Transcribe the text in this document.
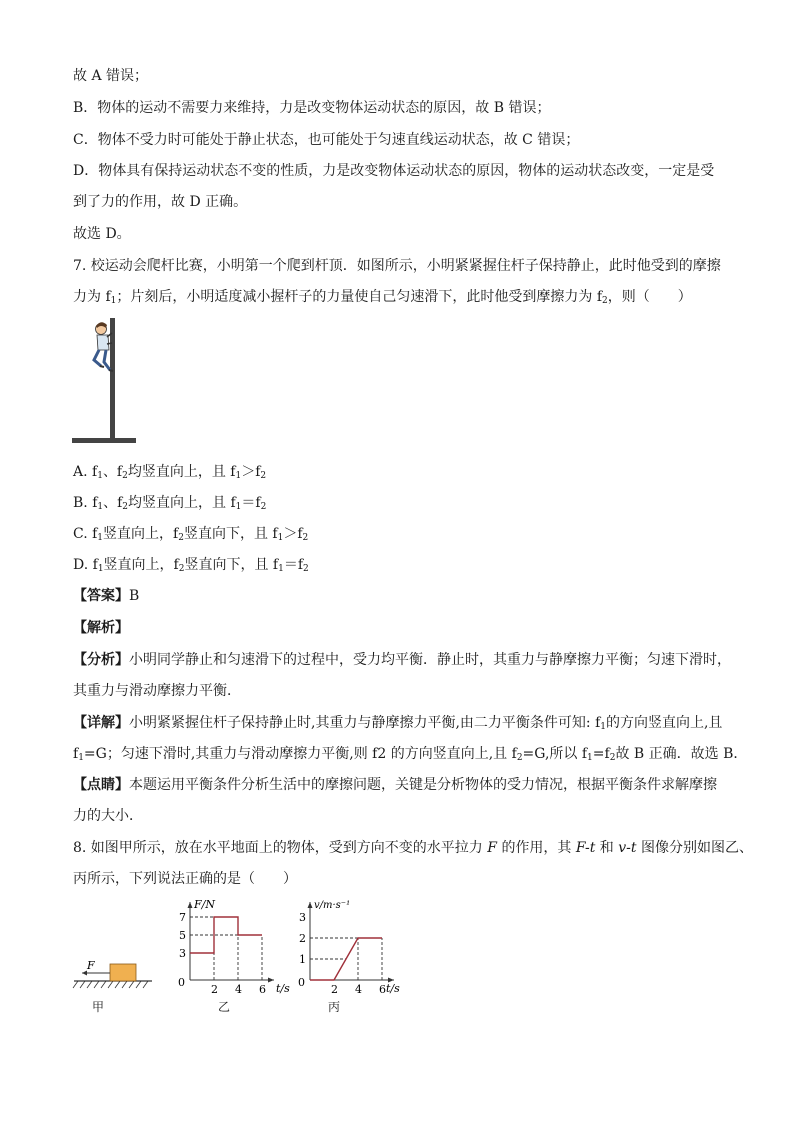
故 A 错误；
B．物体的运动不需要力来维持，力是改变物体运动状态的原因，故 B 错误；
C．物体不受力时可能处于静止状态，也可能处于匀速直线运动状态，故 C 错误；
D．物体具有保持运动状态不变的性质，力是改变物体运动状态的原因，物体的运动状态改变，一定是受
到了力的作用，故 D 正确。
故选 D。
7. 校运动会爬杆比赛，小明第一个爬到杆顶．如图所示，小明紧紧握住杆子保持静止，此时他受到的摩擦
力为 $f_1$；片刻后，小明适度减小握杆子的力量使自己匀速滑下，此时他受到摩擦力为 $f_2$，则（　　）
A. $f_1$、$f_2$均竖直向上，且 $f_1>f_2$
B. $f_1$、$f_2$均竖直向上，且 $f_1=f_2$
C. $f_1$竖直向上，$f_2$竖直向下，且 $f_1>f_2$
D. $f_1$竖直向上，$f_2$竖直向下，且 $f_1=f_2$
【答案】B
【解析】
【分析】小明同学静止和匀速滑下的过程中，受力均平衡．静止时，其重力与静摩擦力平衡；匀速下滑时，
其重力与滑动摩擦力平衡．
【详解】小明紧紧握住杆子保持静止时,其重力与静摩擦力平衡,由二力平衡条件可知: $f_1$的方向竖直向上,且
$f_1=G$；匀速下滑时,其重力与滑动摩擦力平衡,则 f2 的方向竖直向上,且 $f_2=G$,所以 $f_1=f_2$故 B 正确．故选 B．
【点睛】本题运用平衡条件分析生活中的摩擦问题，关键是分析物体的受力情况，根据平衡条件求解摩擦
力的大小．
8. 如图甲所示，放在水平地面上的物体，受到方向不变的水平拉力 F 的作用，其 F-t 和 v-t 图像分别如图乙、
丙所示，下列说法正确的是（　　）
F
甲
F/N
t/s
0
3
5
7
2 4 6
乙
v/m·s⁻¹
t/s
0
1
2
3
2 4 6
丙
